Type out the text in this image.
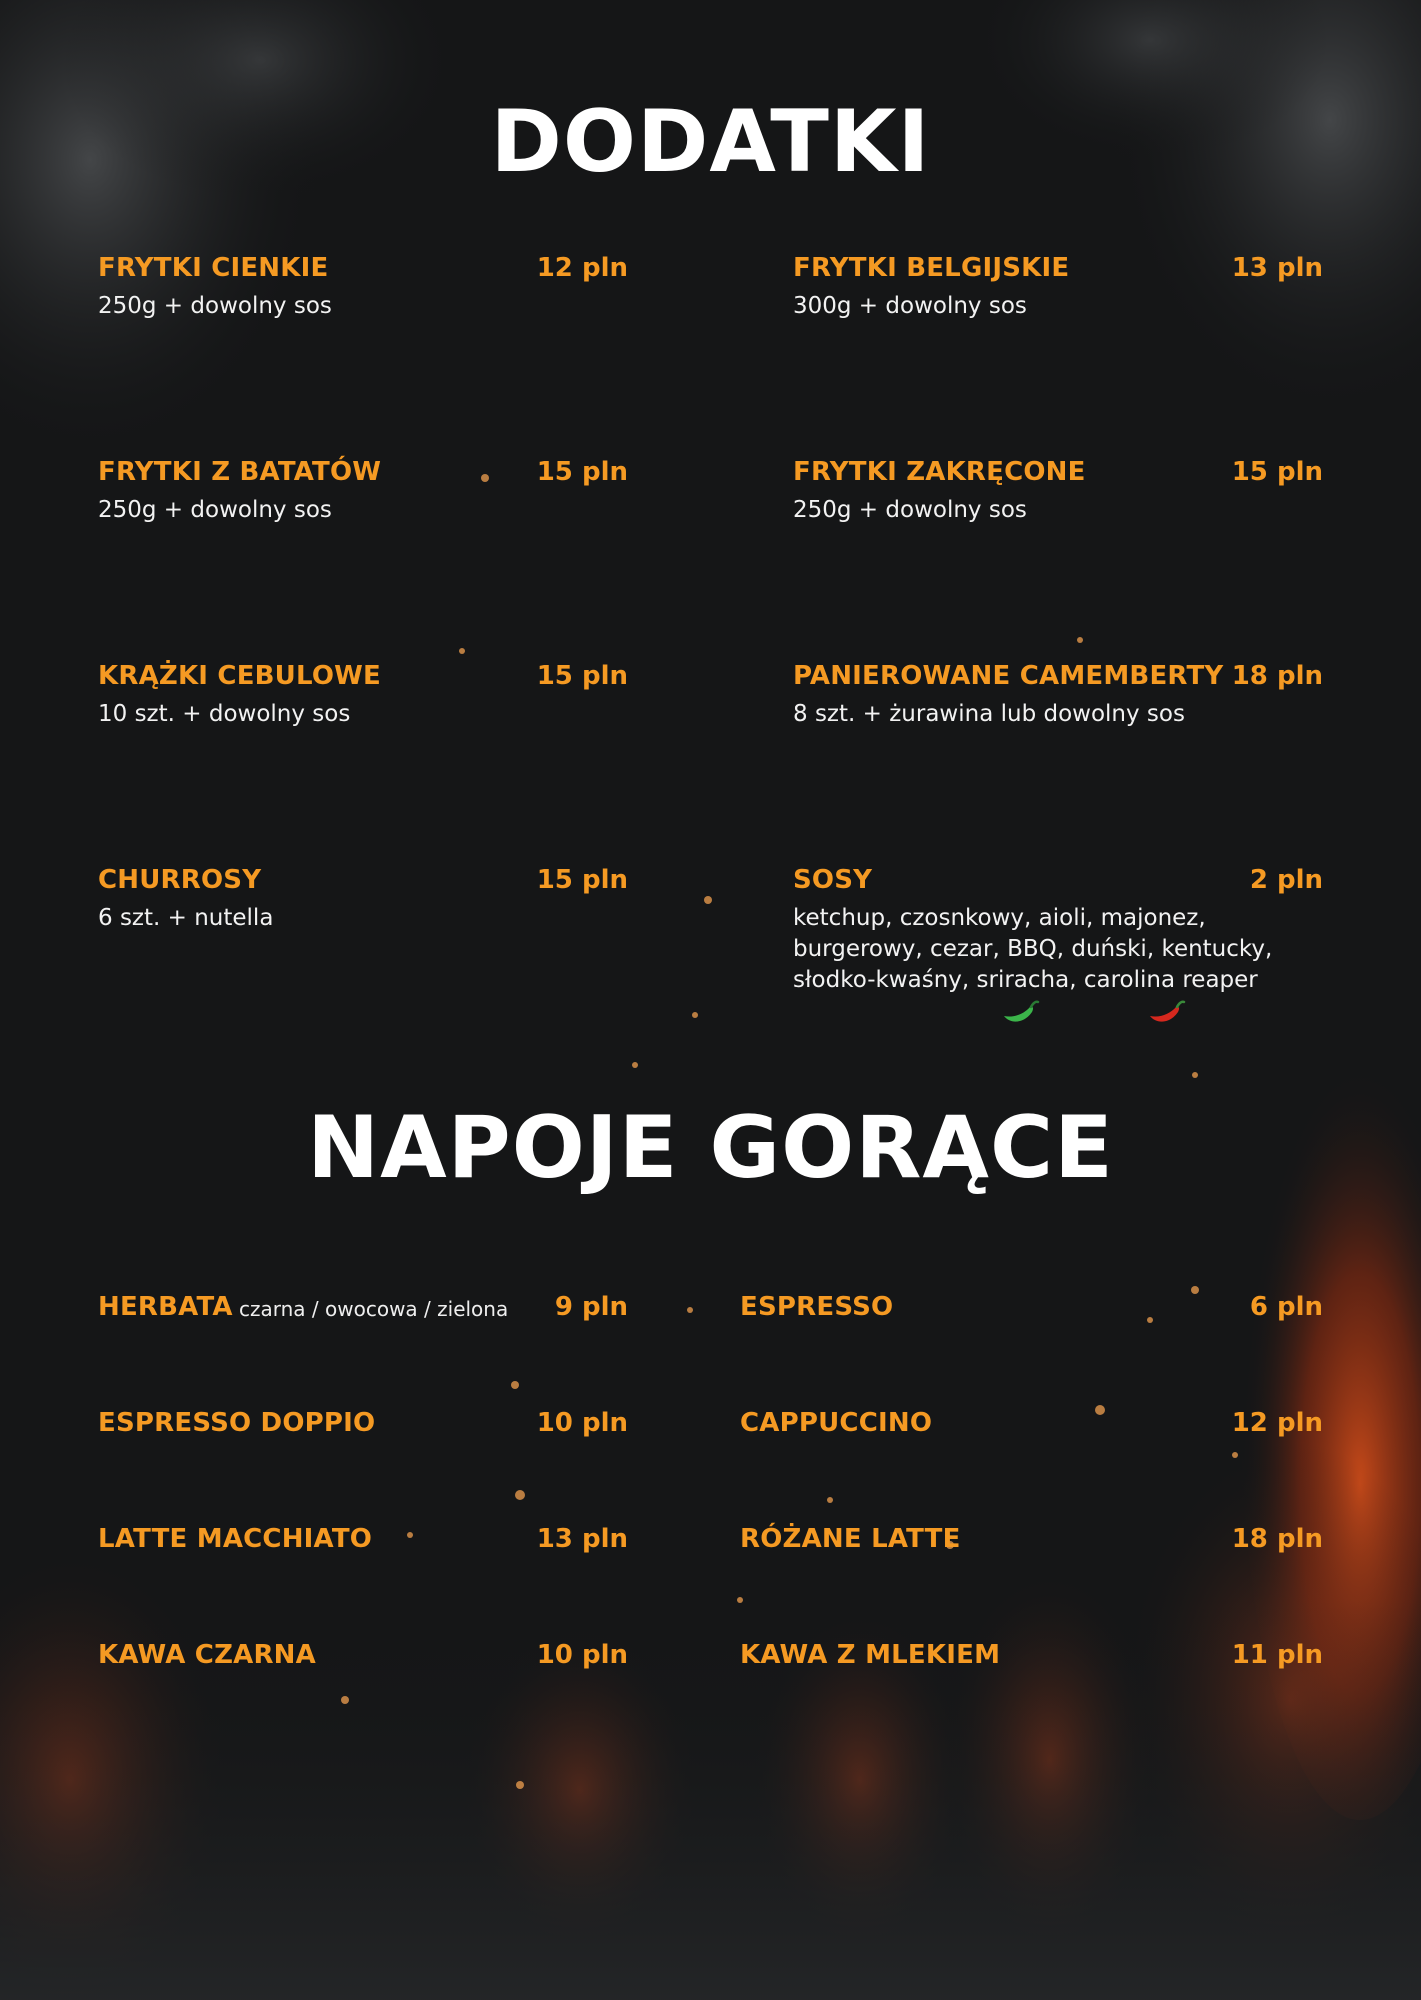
DODATKI
FRYTKI CIENKIE	12 pln
250g + dowolny sos
FRYTKI BELGIJSKIE	13 pln
300g + dowolny sos
FRYTKI Z BATATÓW	15 pln
250g + dowolny sos
FRYTKI ZAKRĘCONE	15 pln
250g + dowolny sos
KRĄŻKI CEBULOWE	15 pln
10 szt. + dowolny sos
PANIEROWANE CAMEMBERTY 18 pln
8 szt. + żurawina lub dowolny sos
CHURROSY	15 pln
6 szt. + nutella
SOSY	2 pln
ketchup, czosnkowy, aioli, majonez,
burgerowy, cezar, BBQ, duński, kentucky,
słodko-kwaśny, sriracha, carolina reaper
NAPOJE GORĄCE
HERBATA czarna / owocowa / zielona 9 pln	ESPRESSO	6 pln
ESPRESSO DOPPIO	10 pln	CAPPUCCINO	12 pln
LATTE MACCHIATO	13 pln	RÓŻANE LATTE	18 pln
KAWA CZARNA	10 pln	KAWA Z MLEKIEM	11 pln
